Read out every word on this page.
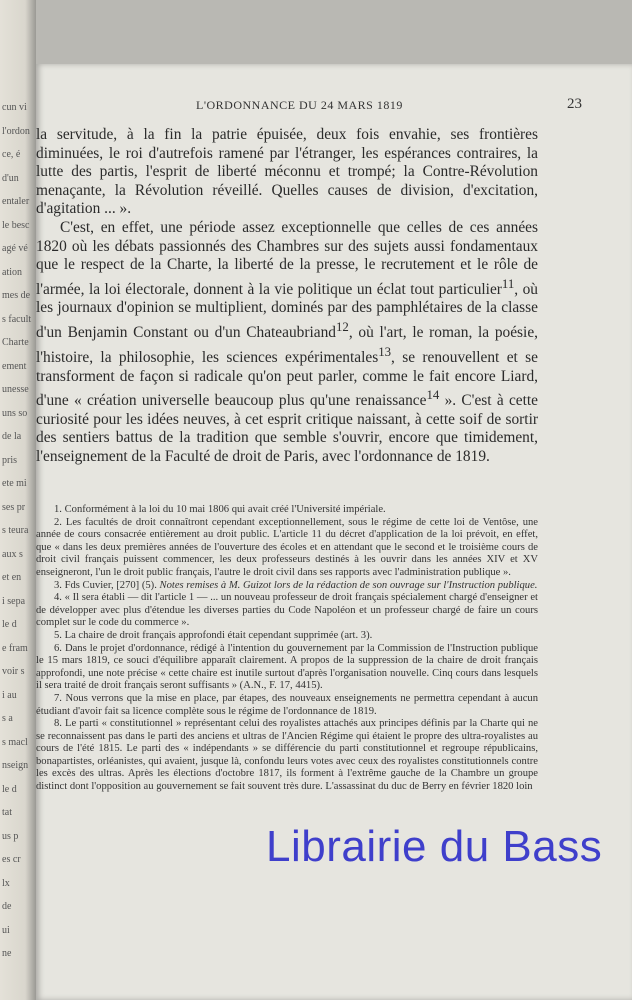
cun vi
l'ordon
ce, é
d'un
entaler
le besc
agé vé
ation
mes de
s facult
Charte
ement
unesse
uns so
de la
pris
ete mi
ses pr
s teura
aux s
et en
i sepa
le d
e fram
voir s
i au
s a
s macl
nseign
le d
tat
us p
es cr
lx
de
ui
ne
L'ORDONNANCE DU 24 MARS 1819	23

la servitude, à la fin la patrie épuisée, deux fois envahie, ses frontières diminuées, le roi d'autrefois ramené par l'étranger, les espérances contraires, la lutte des partis, l'esprit de liberté méconnu et trompé; la Contre-Révolution menaçante, la Révolution réveillé. Quelles causes de division, d'excitation, d'agitation ... ».

C'est, en effet, une période assez exceptionnelle que celles de ces années 1820 où les débats passionnés des Chambres sur des sujets aussi fondamentaux que le respect de la Charte, la liberté de la presse, le recrutement et le rôle de l'armée, la loi électorale, donnent à la vie politique un éclat tout particulier$^{11}$, où les journaux d'opinion se multiplient, dominés par des pamphlétaires de la classe d'un Benjamin Constant ou d'un Chateaubriand$^{12}$, où l'art, le roman, la poésie, l'histoire, la philosophie, les sciences expérimentales$^{13}$, se renouvellent et se transforment de façon si radicale qu'on peut parler, comme le fait encore Liard, d'une « création universelle beaucoup plus qu'une renaissance$^{14}$ ». C'est à cette curiosité pour les idées neuves, à cet esprit critique naissant, à cette soif de sortir des sentiers battus de la tradition que semble s'ouvrir, encore que timidement, l'enseignement de la Faculté de droit de Paris, avec l'ordonnance de 1819.

1. Conformément à la loi du 10 mai 1806 qui avait créé l'Université impériale.

2. Les facultés de droit connaîtront cependant exceptionnellement, sous le régime de cette loi de Ventôse, une année de cours consacrée entièrement au droit public. L'article 11 du décret d'application de la loi prévoit, en effet, que « dans les deux premières années de l'ouverture des écoles et en attendant que le second et le troisième cours de droit civil français puissent commencer, les deux professeurs destinés à les ouvrir dans les années XIV et XV enseigneront, l'un le droit public français, l'autre le droit civil dans ses rapports avec l'administration publique ».

3. Fds Cuvier, [270] (5). Notes remises à M. Guizot lors de la rédaction de son ouvrage sur l'Instruction publique.

4. « Il sera établi — dit l'article 1 — ... un nouveau professeur de droit français spécialement chargé d'enseigner et de développer avec plus d'étendue les diverses parties du Code Napoléon et un professeur chargé de faire un cours complet sur le code du commerce ».

5. La chaire de droit français approfondi était cependant supprimée (art. 3).

6. Dans le projet d'ordonnance, rédigé à l'intention du gouvernement par la Commission de l'Instruction publique le 15 mars 1819, ce souci d'équilibre apparaît clairement. A propos de la suppression de la chaire de droit français approfondi, une note précise « cette chaire est inutile surtout d'après l'organisation nouvelle. Cinq cours dans lesquels il sera traité de droit français seront suffisants » (A.N., F. 17, 4415).

7. Nous verrons que la mise en place, par étapes, des nouveaux enseignements ne permettra cependant à aucun étudiant d'avoir fait sa licence complète sous le régime de l'ordonnance de 1819.

8. Le parti « constitutionnel » représentant celui des royalistes attachés aux principes définis par la Charte qui ne se reconnaissent pas dans le parti des anciens et ultras de l'Ancien Régime qui étaient le propre des ultra-royalistes au cours de l'été 1815. Le parti des « indépendants » se différencie du parti constitutionnel et regroupe républicains, bonapartistes, orléanistes, qui avaient, jusque là, confondu leurs votes avec ceux des royalistes constitutionnels contre les excès des ultras. Après les élections d'octobre 1817, ils forment à l'extrême gauche de la Chambre un groupe distinct dont l'opposition au gouvernement se fait souvent très dure. L'assassinat du duc de Berry en février 1820 loin

Librairie du Bass
